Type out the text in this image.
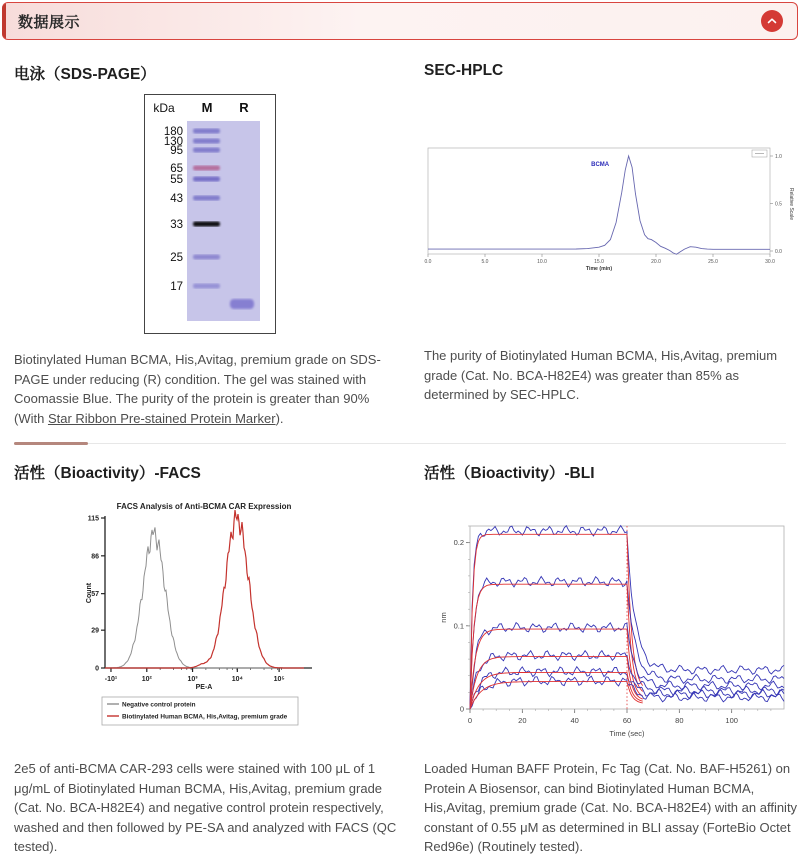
数据展示
电泳（SDS-PAGE）
kDa M R
180
130
95
65
55
43
33
25
17

Biotinylated Human BCMA, His,Avitag, premium grade on SDS-PAGE under reducing (R) condition. The gel was stained with Coomassie Blue. The purity of the protein is greater than 90% (With Star Ribbon Pre-stained Protein Marker).

SEC-HPLC
0.0	5.0	10.0	15.0	20.0	25.0	30.0
Time (min)
0.0
0.5
1.0
Relative Scale
BCMA

The purity of Biotinylated Human BCMA, His,Avitag, premium grade (Cat. No. BCA-H82E4) was greater than 85% as determined by SEC-HPLC.

活性（Bioactivity）-FACS
FACS Analysis of Anti-BCMA CAR Expression
0
29
57
86
115
Count
-10¹	10²	10³	10⁴	10⁵
PE-A
Negative control protein
Biotinylated Human BCMA, His,Avitag, premium grade

2e5 of anti-BCMA CAR-293 cells were stained with 100 μL of 1 μg/mL of Biotinylated Human BCMA, His,Avitag, premium grade (Cat. No. BCA-H82E4) and negative control protein respectively, washed and then followed by PE-SA and analyzed with FACS (QC tested).

活性（Bioactivity）-BLI
0	20	40	60	80	100
0
0.1
0.2
nm
Time (sec)

Loaded Human BAFF Protein, Fc Tag (Cat. No. BAF-H5261) on Protein A Biosensor, can bind Biotinylated Human BCMA, His,Avitag, premium grade (Cat. No. BCA-H82E4) with an affinity constant of 0.55 μM as determined in BLI assay (ForteBio Octet Red96e) (Routinely tested).
